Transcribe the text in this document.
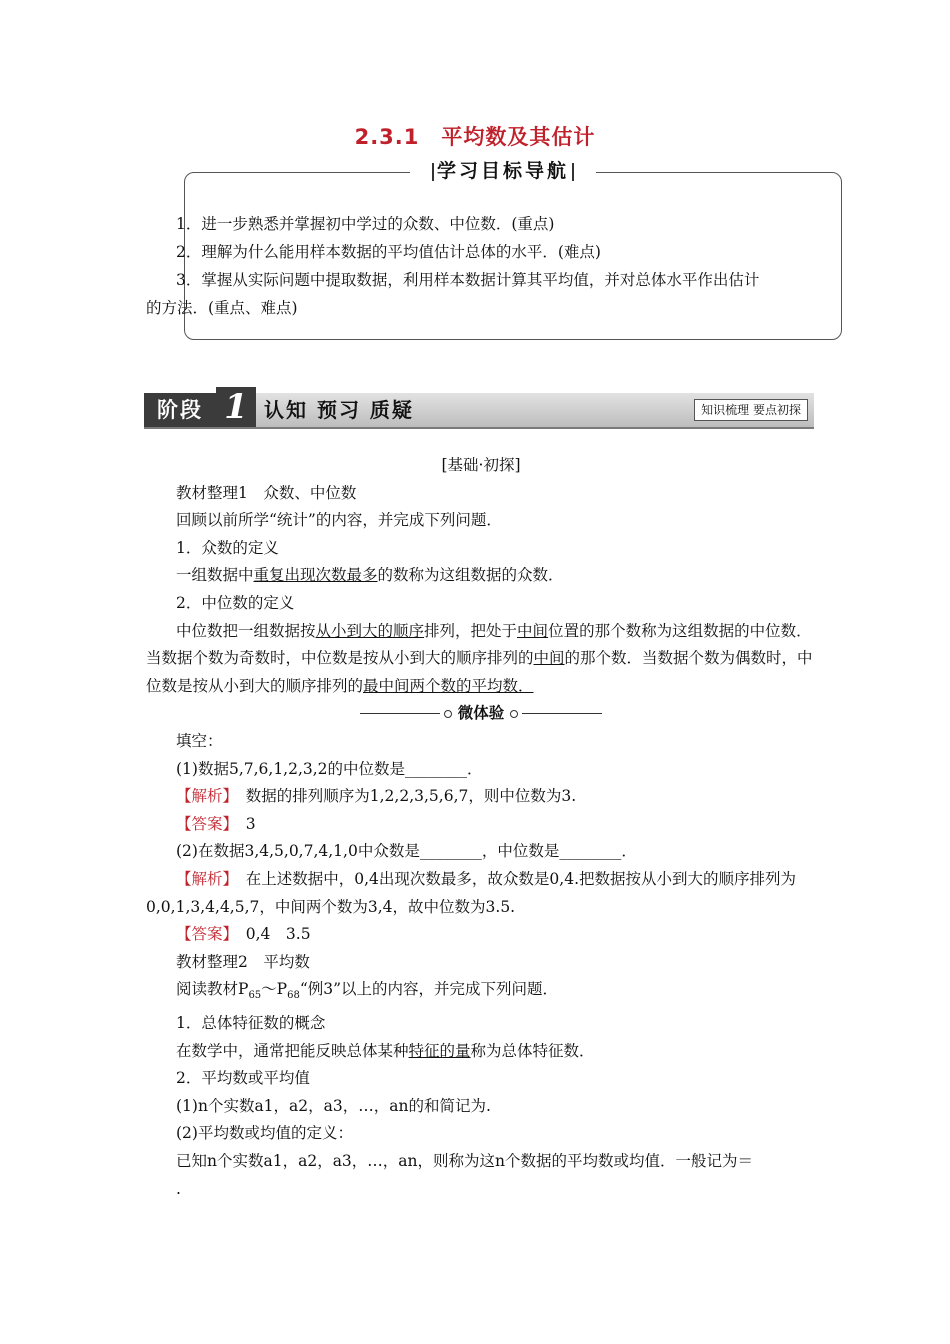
2.3.1　平均数及其估计
学习目标导航

1．进一步熟悉并掌握初中学过的众数、中位数．(重点)

2．理解为什么能用样本数据的平均值估计总体的水平．(难点)

3．掌握从实际问题中提取数据，利用样本数据计算其平均值，并对总体水平作出估计

的方法．(重点、难点)

阶段 1 认知 预习 质疑	知识梳理 要点初探

[基础·初探]

教材整理1　众数、中位数

回顾以前所学“统计”的内容，并完成下列问题．

1．众数的定义

一组数据中重复出现次数最多的数称为这组数据的众数．

2．中位数的定义

中位数把一组数据按从小到大的顺序排列，把处于中间位置的那个数称为这组数据的中位数．当数据个数为奇数时，中位数是按从小到大的顺序排列的中间的那个数．当数据个数为偶数时，中位数是按从小到大的顺序排列的最中间两个数的平均数．

微体验

填空：

(1)数据5,7,6,1,2,3,2的中位数是________．

【解析】　数据的排列顺序为1,2,2,3,5,6,7，则中位数为3.

【答案】　3

(2)在数据3,4,5,0,7,4,1,0中众数是________，中位数是________．

【解析】　在上述数据中，0,4出现次数最多，故众数是0,4.把数据按从小到大的顺序排列为0,0,1,3,4,4,5,7，中间两个数为3,4，故中位数为3.5.

【答案】　0,4　3.5

教材整理2　平均数

阅读教材$P_{65}\sim P_{68}“$例3”以上的内容，并完成下列问题．

1．总体特征数的概念

在数学中，通常把能反映总体某种特征的量称为总体特征数．

2．平均数或平均值

(1)n个实数a1，a2，a3，…，an的和简记为.

(2)平均数或均值的定义：

已知n个实数a1，a2，a3，…，an，则称为这n个数据的平均数或均值．一般记为＝

.
